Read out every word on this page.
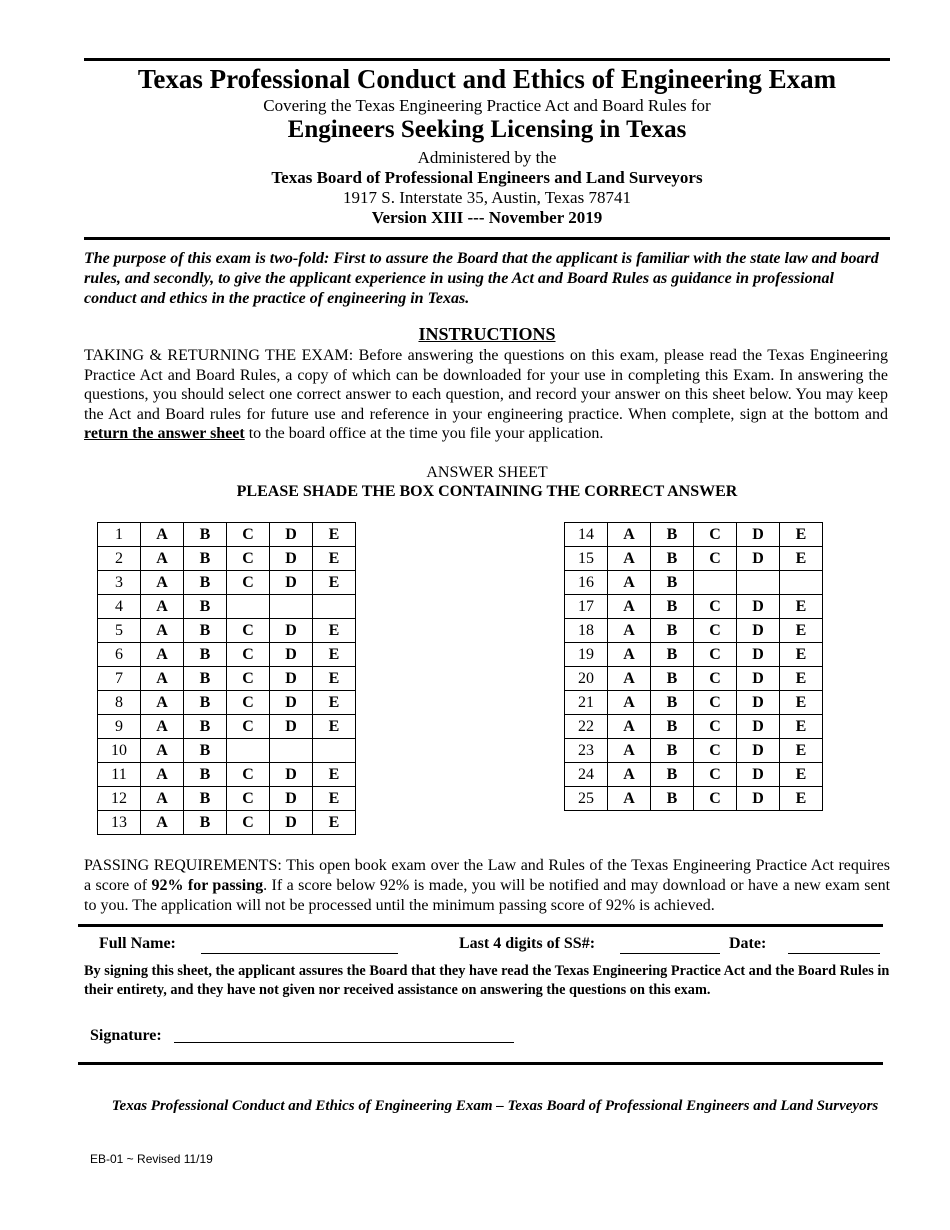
Texas Professional Conduct and Ethics of Engineering Exam
Covering the Texas Engineering Practice Act and Board Rules for
Engineers Seeking Licensing in Texas
Administered by the
Texas Board of Professional Engineers and Land Surveyors
1917 S. Interstate 35, Austin, Texas 78741
Version XIII --- November 2019
The purpose of this exam is two-fold: First to assure the Board that the applicant is familiar with the state law and board rules, and secondly, to give the applicant experience in using the Act and Board Rules as guidance in professional conduct and ethics in the practice of engineering in Texas.
INSTRUCTIONS
TAKING & RETURNING THE EXAM: Before answering the questions on this exam, please read the Texas Engineering Practice Act and Board Rules, a copy of which can be downloaded for your use in completing this Exam. In answering the questions, you should select one correct answer to each question, and record your answer on this sheet below. You may keep the Act and Board rules for future use and reference in your engineering practice. When complete, sign at the bottom and return the answer sheet to the board office at the time you file your application.
ANSWER SHEET
PLEASE SHADE THE BOX CONTAINING THE CORRECT ANSWER
1	A	B	C	D	E
2	A	B	C	D	E
3	A	B	C	D	E
4	A	B			
5	A	B	C	D	E
6	A	B	C	D	E
7	A	B	C	D	E
8	A	B	C	D	E
9	A	B	C	D	E
10	A	B			
11	A	B	C	D	E
12	A	B	C	D	E
13	A	B	C	D	E
14	A	B	C	D	E
15	A	B	C	D	E
16	A	B			
17	A	B	C	D	E
18	A	B	C	D	E
19	A	B	C	D	E
20	A	B	C	D	E
21	A	B	C	D	E
22	A	B	C	D	E
23	A	B	C	D	E
24	A	B	C	D	E
25	A	B	C	D	E
PASSING REQUIREMENTS: This open book exam over the Law and Rules of the Texas Engineering Practice Act requires a score of 92% for passing. If a score below 92% is made, you will be notified and may download or have a new exam sent to you. The application will not be processed until the minimum passing score of 92% is achieved.
Full Name:	Last 4 digits of SS#:	Date:
By signing this sheet, the applicant assures the Board that they have read the Texas Engineering Practice Act and the Board Rules in their entirety, and they have not given nor received assistance on answering the questions on this exam.
Signature:
Texas Professional Conduct and Ethics of Engineering Exam – Texas Board of Professional Engineers and Land Surveyors
EB-01 ~ Revised 11/19
